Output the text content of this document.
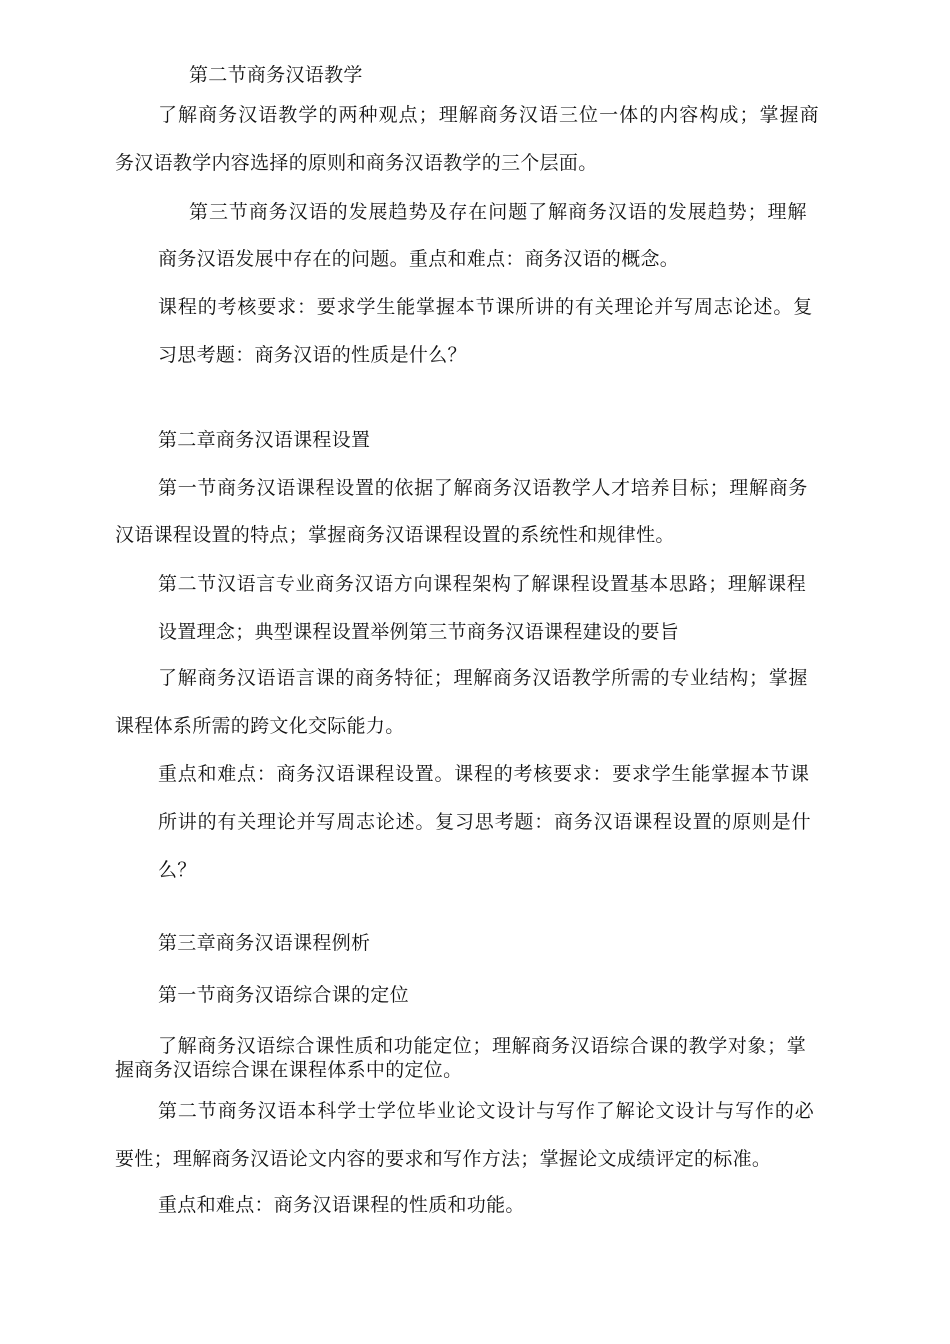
第二节商务汉语教学
了解商务汉语教学的两种观点；理解商务汉语三位一体的内容构成；掌握商
务汉语教学内容选择的原则和商务汉语教学的三个层面。
第三节商务汉语的发展趋势及存在问题了解商务汉语的发展趋势；理解
商务汉语发展中存在的问题。重点和难点：商务汉语的概念。
课程的考核要求：要求学生能掌握本节课所讲的有关理论并写周志论述。复
习思考题：商务汉语的性质是什么？
第二章商务汉语课程设置
第一节商务汉语课程设置的依据了解商务汉语教学人才培养目标；理解商务
汉语课程设置的特点；掌握商务汉语课程设置的系统性和规律性。
第二节汉语言专业商务汉语方向课程架构了解课程设置基本思路；理解课程
设置理念；典型课程设置举例第三节商务汉语课程建设的要旨
了解商务汉语语言课的商务特征；理解商务汉语教学所需的专业结构；掌握
课程体系所需的跨文化交际能力。
重点和难点：商务汉语课程设置。课程的考核要求：要求学生能掌握本节课
所讲的有关理论并写周志论述。复习思考题：商务汉语课程设置的原则是什
么？
第三章商务汉语课程例析
第一节商务汉语综合课的定位
了解商务汉语综合课性质和功能定位；理解商务汉语综合课的教学对象；掌
握商务汉语综合课在课程体系中的定位。
第二节商务汉语本科学士学位毕业论文设计与写作了解论文设计与写作的必
要性；理解商务汉语论文内容的要求和写作方法；掌握论文成绩评定的标准。
重点和难点：商务汉语课程的性质和功能。
